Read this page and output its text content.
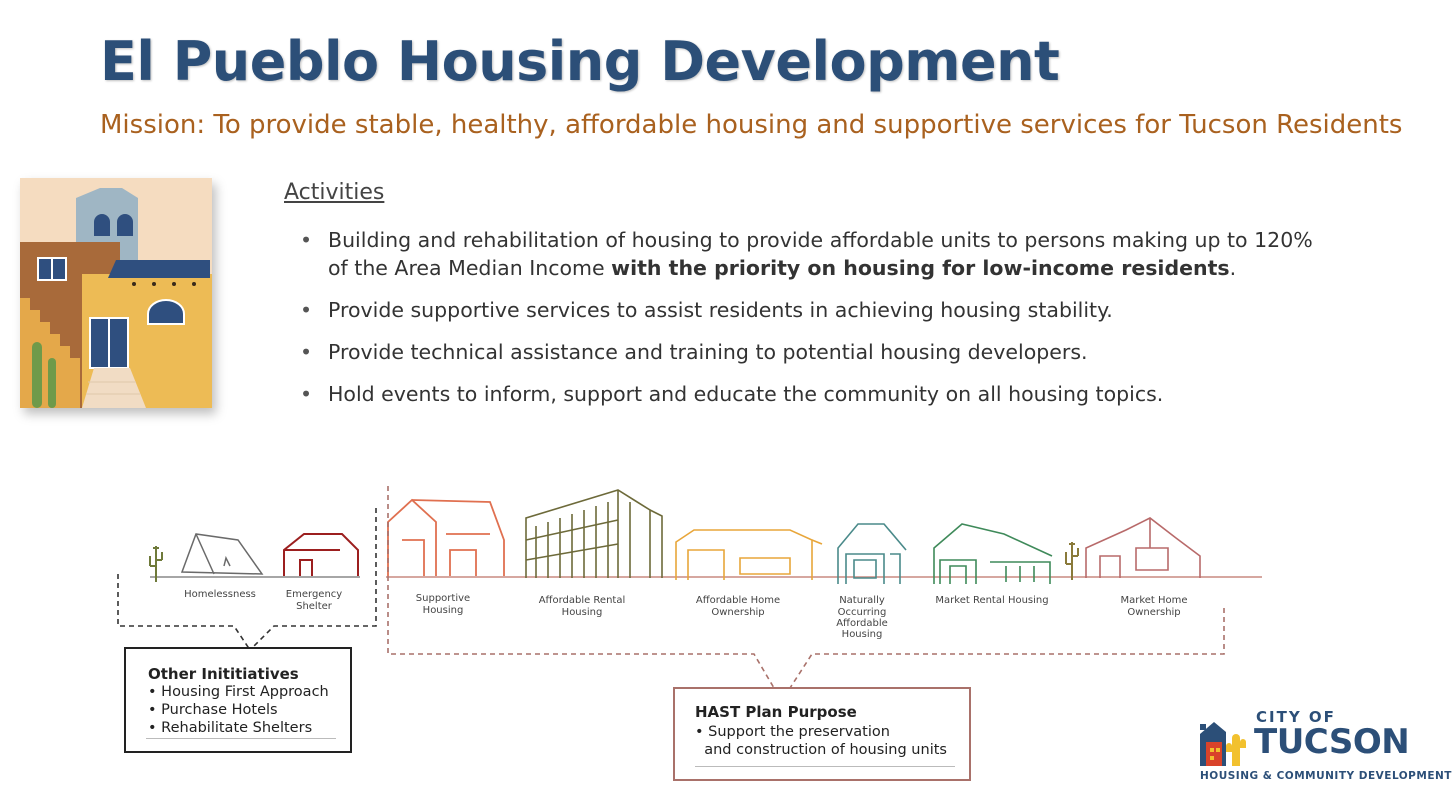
El Pueblo Housing Development

Mission: To provide stable, healthy, affordable housing and supportive services for Tucson Residents

Activities
• Building and rehabilitation of housing to provide affordable units to persons making up to 120% of the Area Median Income with the priority on housing for low-income residents.
• Provide supportive services to assist residents in achieving housing stability.
• Provide technical assistance and training to potential housing developers.
• Hold events to inform, support and educate the community on all housing topics.
Homelessness	Emergency
Shelter
Supportive
Housing
Affordable Rental
Housing
Affordable Home
Ownership
Naturally
Occurring
Affordable
Housing
Market Rental Housing	Market Home
Ownership
Other Inititiatives
• Housing First Approach
• Purchase Hotels
• Rehabilitate Shelters
HAST Plan Purpose
• Support the preservation
and construction of housing units
CITY OF
TUCSON
HOUSING & COMMUNITY DEVELOPMENT
